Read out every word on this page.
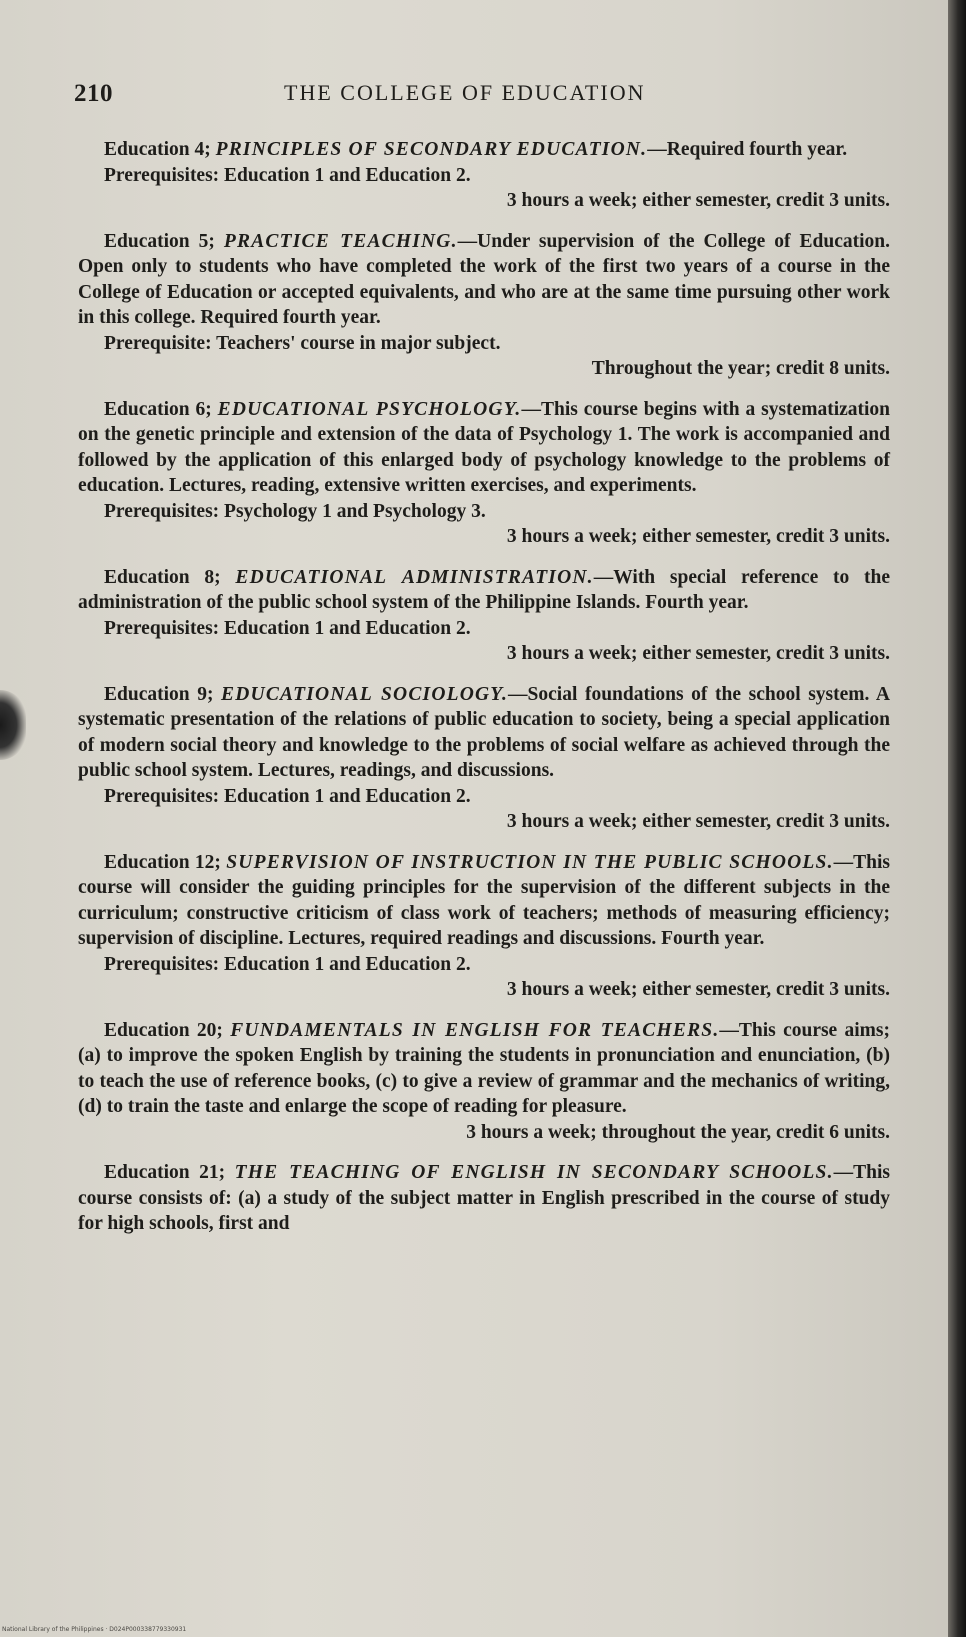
210	THE COLLEGE OF EDUCATION

Education 4; PRINCIPLES OF SECONDARY EDUCATION.—Required fourth year.

Prerequisites: Education 1 and Education 2.

3 hours a week; either semester, credit 3 units.

Education 5; PRACTICE TEACHING.—Under supervision of the College of Education. Open only to students who have completed the work of the first two years of a course in the College of Education or accepted equivalents, and who are at the same time pursuing other work in this college. Required fourth year.

Prerequisite: Teachers' course in major subject.

Throughout the year; credit 8 units.

Education 6; EDUCATIONAL PSYCHOLOGY.—This course begins with a systematization on the genetic principle and extension of the data of Psychology 1. The work is accompanied and followed by the application of this enlarged body of psychology knowledge to the problems of education. Lectures, reading, extensive written exercises, and experiments.

Prerequisites: Psychology 1 and Psychology 3.

3 hours a week; either semester, credit 3 units.

Education 8; EDUCATIONAL ADMINISTRATION.—With special reference to the administration of the public school system of the Philippine Islands. Fourth year.

Prerequisites: Education 1 and Education 2.

3 hours a week; either semester, credit 3 units.

Education 9; EDUCATIONAL SOCIOLOGY.—Social foundations of the school system. A systematic presentation of the relations of public education to society, being a special application of modern social theory and knowledge to the problems of social welfare as achieved through the public school system. Lectures, readings, and discussions.

Prerequisites: Education 1 and Education 2.

3 hours a week; either semester, credit 3 units.

Education 12; SUPERVISION OF INSTRUCTION IN THE PUBLIC SCHOOLS.—This course will consider the guiding principles for the supervision of the different subjects in the curriculum; constructive criticism of class work of teachers; methods of measuring efficiency; supervision of discipline. Lectures, required readings and discussions. Fourth year.

Prerequisites: Education 1 and Education 2.

3 hours a week; either semester, credit 3 units.

Education 20; FUNDAMENTALS IN ENGLISH FOR TEACHERS.—This course aims; (a) to improve the spoken English by training the students in pronunciation and enunciation, (b) to teach the use of reference books, (c) to give a review of grammar and the mechanics of writing, (d) to train the taste and enlarge the scope of reading for pleasure.

3 hours a week; throughout the year, credit 6 units.

Education 21; THE TEACHING OF ENGLISH IN SECONDARY SCHOOLS.—This course consists of: (a) a study of the subject matter in English prescribed in the course of study for high schools, first and

National Library of the Philippines · D024P000338779330931
